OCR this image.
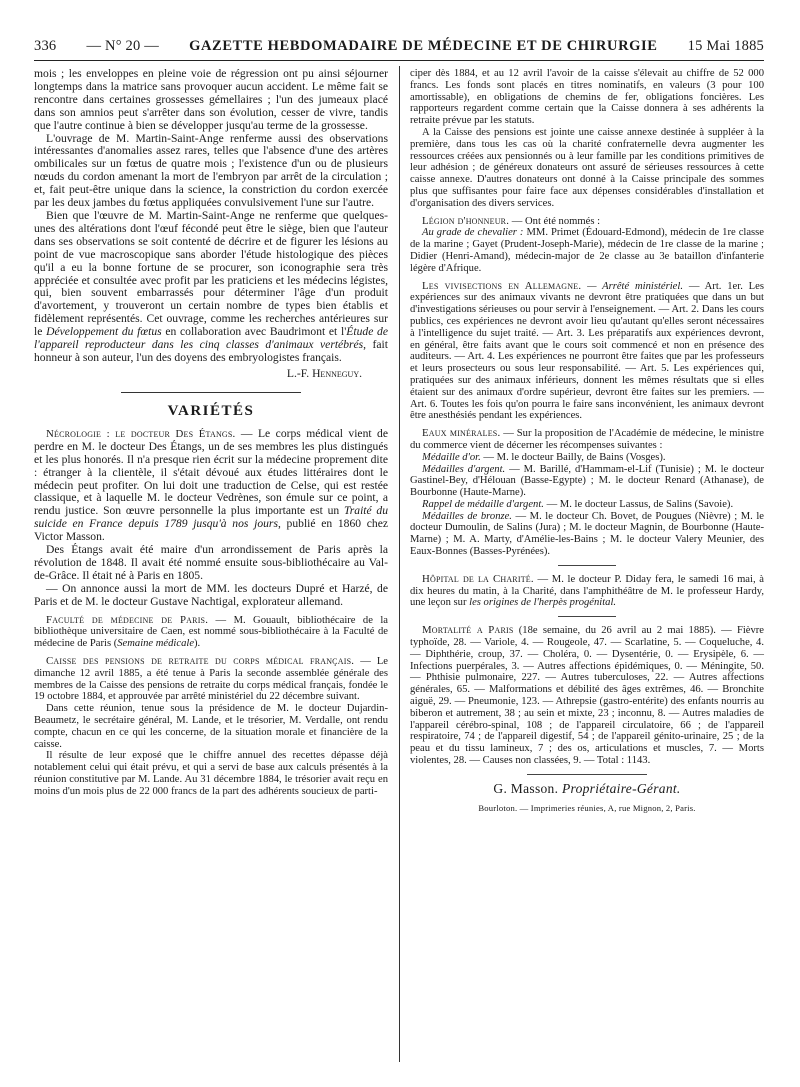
336 — N° 20 — GAZETTE HEBDOMADAIRE DE MÉDECINE ET DE CHIRURGIE 15 Mai 1885

mois ; les enveloppes en pleine voie de régression ont pu ainsi séjourner longtemps dans la matrice sans provoquer aucun accident. Le même fait se rencontre dans certaines grossesses gémellaires ; l'un des jumeaux placé dans son amnios peut s'arrêter dans son évolution, cesser de vivre, tandis que l'autre continue à bien se développer jusqu'au terme de la grossesse.

L'ouvrage de M. Martin-Saint-Ange renferme aussi des observations intéressantes d'anomalies assez rares, telles que l'absence d'une des artères ombilicales sur un fœtus de quatre mois ; l'existence d'un ou de plusieurs nœuds du cordon amenant la mort de l'embryon par arrêt de la circulation ; et, fait peut-être unique dans la science, la constriction du cordon exercée par les deux jambes du fœtus appliquées convulsivement l'une sur l'autre.

Bien que l'œuvre de M. Martin-Saint-Ange ne renferme que quelques-unes des altérations dont l'œuf fécondé peut être le siège, bien que l'auteur dans ses observations se soit contenté de décrire et de figurer les lésions au point de vue macroscopique sans aborder l'étude histologique des pièces qu'il a eu la bonne fortune de se procurer, son iconographie sera très appréciée et consultée avec profit par les praticiens et les médecins légistes, qui, bien souvent embarrassés pour déterminer l'âge d'un produit d'avortement, y trouveront un certain nombre de types bien établis et fidèlement représentés. Cet ouvrage, comme les recherches antérieures sur le Développement du fœtus en collaboration avec Baudrimont et l'Étude de l'appareil reproducteur dans les cinq classes d'animaux vertébrés, fait honneur à son auteur, l'un des doyens des embryologistes français.

L.-F. Henneguy.
VARIÉTÉS

Nécrologie : le docteur Des Étangs. — Le corps médical vient de perdre en M. le docteur Des Étangs, un de ses membres les plus distingués et les plus honorés. Il n'a presque rien écrit sur la médecine proprement dite : étranger à la clientèle, il s'était dévoué aux études littéraires dont le médecin peut profiter. On lui doit une traduction de Celse, qui est restée classique, et à laquelle M. le docteur Vedrènes, son émule sur ce point, a rendu justice. Son œuvre personnelle la plus importante est un Traité du suicide en France depuis 1789 jusqu'à nos jours, publié en 1860 chez Victor Masson.

Des Étangs avait été maire d'un arrondissement de Paris après la révolution de 1848. Il avait été nommé ensuite sous-bibliothécaire au Val-de-Grâce. Il était né à Paris en 1805.

— On annonce aussi la mort de MM. les docteurs Dupré et Harzé, de Paris et de M. le docteur Gustave Nachtigal, explorateur allemand.

Faculté de médecine de Paris. — M. Gouault, bibliothécaire de la bibliothèque universitaire de Caen, est nommé sous-bibliothécaire à la Faculté de médecine de Paris (Semaine médicale).

Caisse des pensions de retraite du corps médical français. — Le dimanche 12 avril 1885, a été tenue à Paris la seconde assemblée générale des membres de la Caisse des pensions de retraite du corps médical français, fondée le 19 octobre 1884, et approuvée par arrêté ministériel du 22 décembre suivant.

Dans cette réunion, tenue sous la présidence de M. le docteur Dujardin-Beaumetz, le secrétaire général, M. Lande, et le trésorier, M. Verdalle, ont rendu compte, chacun en ce qui les concerne, de la situation morale et financière de la caisse.

Il résulte de leur exposé que le chiffre annuel des recettes dépasse déjà notablement celui qui était prévu, et qui a servi de base aux calculs présentés à la réunion constitutive par M. Lande. Au 31 décembre 1884, le trésorier avait reçu en moins d'un mois plus de 22 000 francs de la part des adhérents soucieux de parti-

ciper dès 1884, et au 12 avril l'avoir de la caisse s'élevait au chiffre de 52 000 francs. Les fonds sont placés en titres nominatifs, en valeurs (3 pour 100 amortissable), en obligations de chemins de fer, obligations foncières. Les rapporteurs regardent comme certain que la Caisse donnera à ses adhérents la retraite prévue par les statuts.

A la Caisse des pensions est jointe une caisse annexe destinée à suppléer à la première, dans tous les cas où la charité confraternelle devra augmenter les ressources créées aux pensionnés ou à leur famille par les conditions primitives de leur adhésion ; de généreux donateurs ont assuré de sérieuses ressources à cette caisse annexe. D'autres donateurs ont donné à la Caisse principale des sommes plus que suffisantes pour faire face aux dépenses considérables d'installation et d'organisation des divers services.

Légion d'honneur. — Ont été nommés :

Au grade de chevalier : MM. Primet (Édouard-Edmond), médecin de 1re classe de la marine ; Gayet (Prudent-Joseph-Marie), médecin de 1re classe de la marine ; Didier (Henri-Amand), médecin-major de 2e classe au 3e bataillon d'infanterie légère d'Afrique.

Les vivisections en Allemagne. — Arrêté ministériel. — Art. 1er. Les expériences sur des animaux vivants ne devront être pratiquées que dans un but d'investigations sérieuses ou pour servir à l'enseignement. — Art. 2. Dans les cours publics, ces expériences ne devront avoir lieu qu'autant qu'elles seront nécessaires à l'intelligence du sujet traité. — Art. 3. Les préparatifs aux expériences devront, en général, être faits avant que le cours soit commencé et non en présence des auditeurs. — Art. 4. Les expériences ne pourront être faites que par les professeurs et leurs prosecteurs ou sous leur responsabilité. — Art. 5. Les expériences qui, pratiquées sur des animaux inférieurs, donnent les mêmes résultats que si elles étaient sur des animaux d'ordre supérieur, devront être faites sur les premiers. — Art. 6. Toutes les fois qu'on pourra le faire sans inconvénient, les animaux devront être anesthésiés pendant les expériences.

Eaux minérales. — Sur la proposition de l'Académie de médecine, le ministre du commerce vient de décerner les récompenses suivantes :

Médaille d'or. — M. le docteur Bailly, de Bains (Vosges).

Médailles d'argent. — M. Barillé, d'Hammam-el-Lif (Tunisie) ; M. le docteur Gastinel-Bey, d'Hélouan (Basse-Egypte) ; M. le docteur Renard (Athanase), de Bourbonne (Haute-Marne).

Rappel de médaille d'argent. — M. le docteur Lassus, de Salins (Savoie).

Médailles de bronze. — M. le docteur Ch. Bovet, de Pougues (Nièvre) ; M. le docteur Dumoulin, de Salins (Jura) ; M. le docteur Magnin, de Bourbonne (Haute-Marne) ; M. A. Marty, d'Amélie-les-Bains ; M. le docteur Valery Meunier, des Eaux-Bonnes (Basses-Pyrénées).

Hôpital de la Charité. — M. le docteur P. Diday fera, le samedi 16 mai, à dix heures du matin, à la Charité, dans l'amphithéâtre de M. le professeur Hardy, une leçon sur les origines de l'herpès progénital.

Mortalité a Paris (18e semaine, du 26 avril au 2 mai 1885). — Fièvre typhoïde, 28. — Variole, 4. — Rougeole, 47. — Scarlatine, 5. — Coqueluche, 4. — Diphthérie, croup, 37. — Choléra, 0. — Dysentérie, 0. — Erysipèle, 6. — Infections puerpérales, 3. — Autres affections épidémiques, 0. — Méningite, 50. — Phthisie pulmonaire, 227. — Autres tuberculoses, 22. — Autres affections générales, 65. — Malformations et débilité des âges extrêmes, 46. — Bronchite aiguë, 29. — Pneumonie, 123. — Athrepsie (gastro-entérite) des enfants nourris au biberon et autrement, 38 ; au sein et mixte, 23 ; inconnu, 8. — Autres maladies de l'appareil cérébro-spinal, 108 ; de l'appareil circulatoire, 66 ; de l'appareil respiratoire, 74 ; de l'appareil digestif, 54 ; de l'appareil génito-urinaire, 25 ; de la peau et du tissu lamineux, 7 ; des os, articulations et muscles, 7. — Morts violentes, 28. — Causes non classées, 9. — Total : 1143.

G. Masson. Propriétaire-Gérant.
Bourloton. — Imprimeries réunies, A, rue Mignon, 2, Paris.
